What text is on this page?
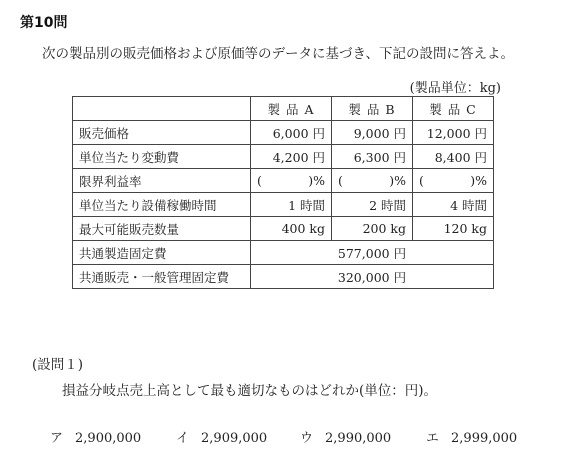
第10問
次の製品別の販売価格および原価等のデータに基づき、下記の設問に答えよ。
(製品単位：kg)
	製 品 A	製 品 B	製 品 C
販売価格	6,000 円	9,000 円	12,000 円
単位当たり変動費	4,200 円	6,300 円	8,400 円
限界利益率	( )%	( )%	( )%

単位当たり設備稼働時間	1 時間	2 時間	4 時間
最大可能販売数量	400 kg	200 kg	120 kg
共通製造固定費	577,000 円		
共通販売・一般管理固定費	320,000 円		
(設問１)
損益分岐点売上高として最も適切なものはどれか(単位：円)。
ア 2,900,000	イ 2,909,000	ウ 2,990,000	エ 2,999,000
